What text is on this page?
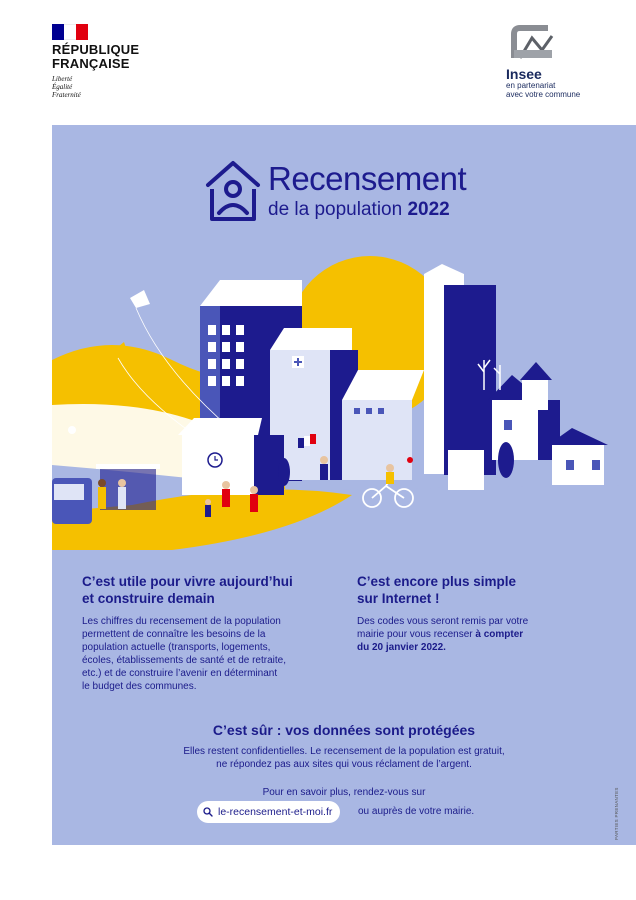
RÉPUBLIQUE
FRANÇAISE
Liberté
Égalité
Fraternité
Insee
en partenariat
avec votre commune
Recensement
de la population 2022
C’est utile pour vivre aujourd’hui
et construire demain
Les chiffres du recensement de la population
permettent de connaître les besoins de la
population actuelle (transports, logements,
écoles, établissements de santé et de retraite,
etc.) et de construire l’avenir en déterminant
le budget des communes.
C’est encore plus simple
sur Internet !
Des codes vous seront remis par votre
mairie pour vous recenser à compter
du 20 janvier 2022.
C’est sûr : vos données sont protégées
Elles restent confidentielles. Le recensement de la population est gratuit,
ne répondez pas aux sites qui vous réclament de l’argent.
Pour en savoir plus, rendez-vous sur
le-recensement-et-moi.fr	ou auprès de votre mairie.	PARTIES PRENANTES
